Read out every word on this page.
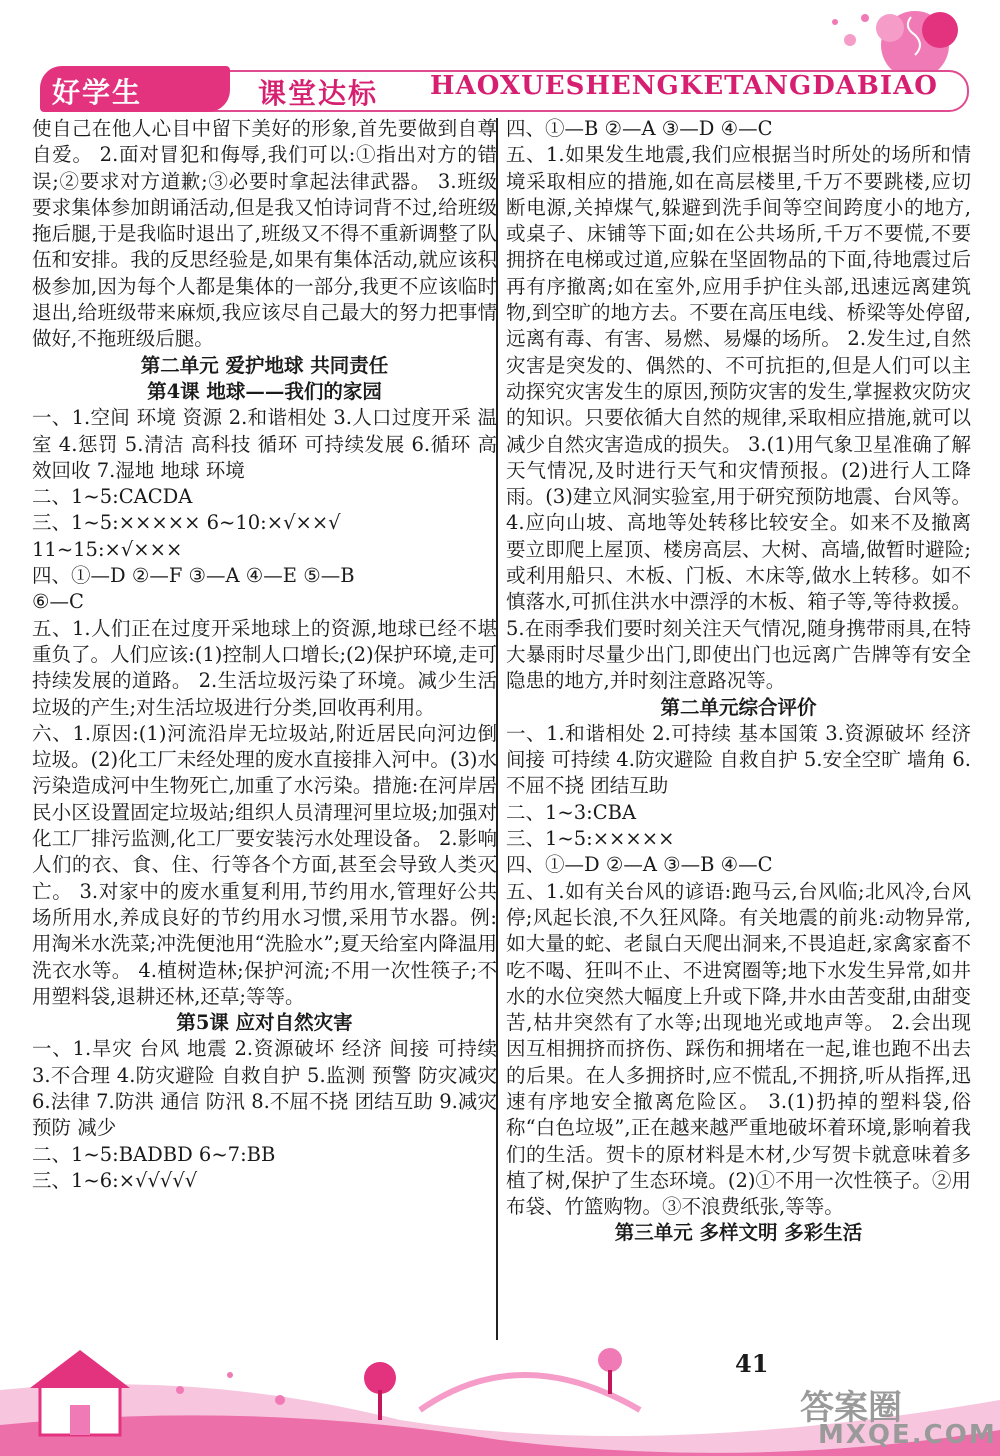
好学生	课堂达标 HAOXUESHENGKETANGDABIAO

使自己在他人心目中留下美好的形象,首先要做到自尊自爱。 2.面对冒犯和侮辱,我们可以:①指出对方的错误;②要求对方道歉;③必要时拿起法律武器。 3.班级要求集体参加朗诵活动,但是我又怕诗词背不过,给班级拖后腿,于是我临时退出了,班级又不得不重新调整了队伍和安排。我的反思经验是,如果有集体活动,就应该积极参加,因为每个人都是集体的一部分,我更不应该临时退出,给班级带来麻烦,我应该尽自己最大的努力把事情做好,不拖班级后腿。

第二单元 爱护地球 共同责任

第4课 地球——我们的家园

一、1.空间 环境 资源 2.和谐相处 3.人口过度开采 温室 4.惩罚 5.清洁 高科技 循环 可持续发展 6.循环 高效回收 7.湿地 地球 环境

二、1~5:CACDA

三、1~5:××××× 6~10:×√××√

11~15:×√×××

四、①—D ②—F ③—A ④—E ⑤—B

⑥—C

五、1.人们正在过度开采地球上的资源,地球已经不堪重负了。人们应该:(1)控制人口增长;(2)保护环境,走可持续发展的道路。 2.生活垃圾污染了环境。减少生活垃圾的产生;对生活垃圾进行分类,回收再利用。

六、1.原因:(1)河流沿岸无垃圾站,附近居民向河边倒垃圾。(2)化工厂未经处理的废水直接排入河中。(3)水污染造成河中生物死亡,加重了水污染。措施:在河岸居民小区设置固定垃圾站;组织人员清理河里垃圾;加强对化工厂排污监测,化工厂要安装污水处理设备。 2.影响人们的衣、食、住、行等各个方面,甚至会导致人类灭亡。 3.对家中的废水重复利用,节约用水,管理好公共场所用水,养成良好的节约用水习惯,采用节水器。例:用淘米水洗菜;冲洗便池用“洗脸水”;夏天给室内降温用洗衣水等。 4.植树造林;保护河流;不用一次性筷子;不用塑料袋,退耕还林,还草;等等。

第5课 应对自然灾害

一、1.旱灾 台风 地震 2.资源破坏 经济 间接 可持续 3.不合理 4.防灾避险 自救自护 5.监测 预警 防灾减灾 6.法律 7.防洪 通信 防汛 8.不屈不挠 团结互助 9.减灾 预防 减少

二、1~5:BADBD 6~7:BB

三、1~6:×√√√√√

四、①—B ②—A ③—D ④—C

五、1.如果发生地震,我们应根据当时所处的场所和情境采取相应的措施,如在高层楼里,千万不要跳楼,应切断电源,关掉煤气,躲避到洗手间等空间跨度小的地方,或桌子、床铺等下面;如在公共场所,千万不要慌,不要拥挤在电梯或过道,应躲在坚固物品的下面,待地震过后再有序撤离;如在室外,应用手护住头部,迅速远离建筑物,到空旷的地方去。不要在高压电线、桥梁等处停留,远离有毒、有害、易燃、易爆的场所。 2.发生过,自然灾害是突发的、偶然的、不可抗拒的,但是人们可以主动探究灾害发生的原因,预防灾害的发生,掌握救灾防灾的知识。只要依循大自然的规律,采取相应措施,就可以减少自然灾害造成的损失。 3.(1)用气象卫星准确了解天气情况,及时进行天气和灾情预报。(2)进行人工降雨。(3)建立风洞实验室,用于研究预防地震、台风等。 4.应向山坡、高地等处转移比较安全。如来不及撤离要立即爬上屋顶、楼房高层、大树、高墙,做暂时避险;或利用船只、木板、门板、木床等,做水上转移。如不慎落水,可抓住洪水中漂浮的木板、箱子等,等待救援。 5.在雨季我们要时刻关注天气情况,随身携带雨具,在特大暴雨时尽量少出门,即使出门也远离广告牌等有安全隐患的地方,并时刻注意路况等。

第二单元综合评价

一、1.和谐相处 2.可持续 基本国策 3.资源破坏 经济 间接 可持续 4.防灾避险 自救自护 5.安全空旷 墙角 6.不屈不挠 团结互助

二、1~3:CBA

三、1~5:×××××

四、①—D ②—A ③—B ④—C

五、1.如有关台风的谚语:跑马云,台风临;北风冷,台风停;风起长浪,不久狂风降。有关地震的前兆:动物异常,如大量的蛇、老鼠白天爬出洞来,不畏追赶,家禽家畜不吃不喝、狂叫不止、不进窝圈等;地下水发生异常,如井水的水位突然大幅度上升或下降,井水由苦变甜,由甜变苦,枯井突然有了水等;出现地光或地声等。 2.会出现因互相拥挤而挤伤、踩伤和拥堵在一起,谁也跑不出去的后果。在人多拥挤时,应不慌乱,不拥挤,听从指挥,迅速有序地安全撤离危险区。 3.(1)扔掉的塑料袋,俗称“白色垃圾”,正在越来越严重地破坏着环境,影响着我们的生活。贺卡的原材料是木材,少写贺卡就意味着多植了树,保护了生态环境。(2)①不用一次性筷子。②用布袋、竹篮购物。③不浪费纸张,等等。

第三单元 多样文明 多彩生活

41
答案圈
MXQE.COM
